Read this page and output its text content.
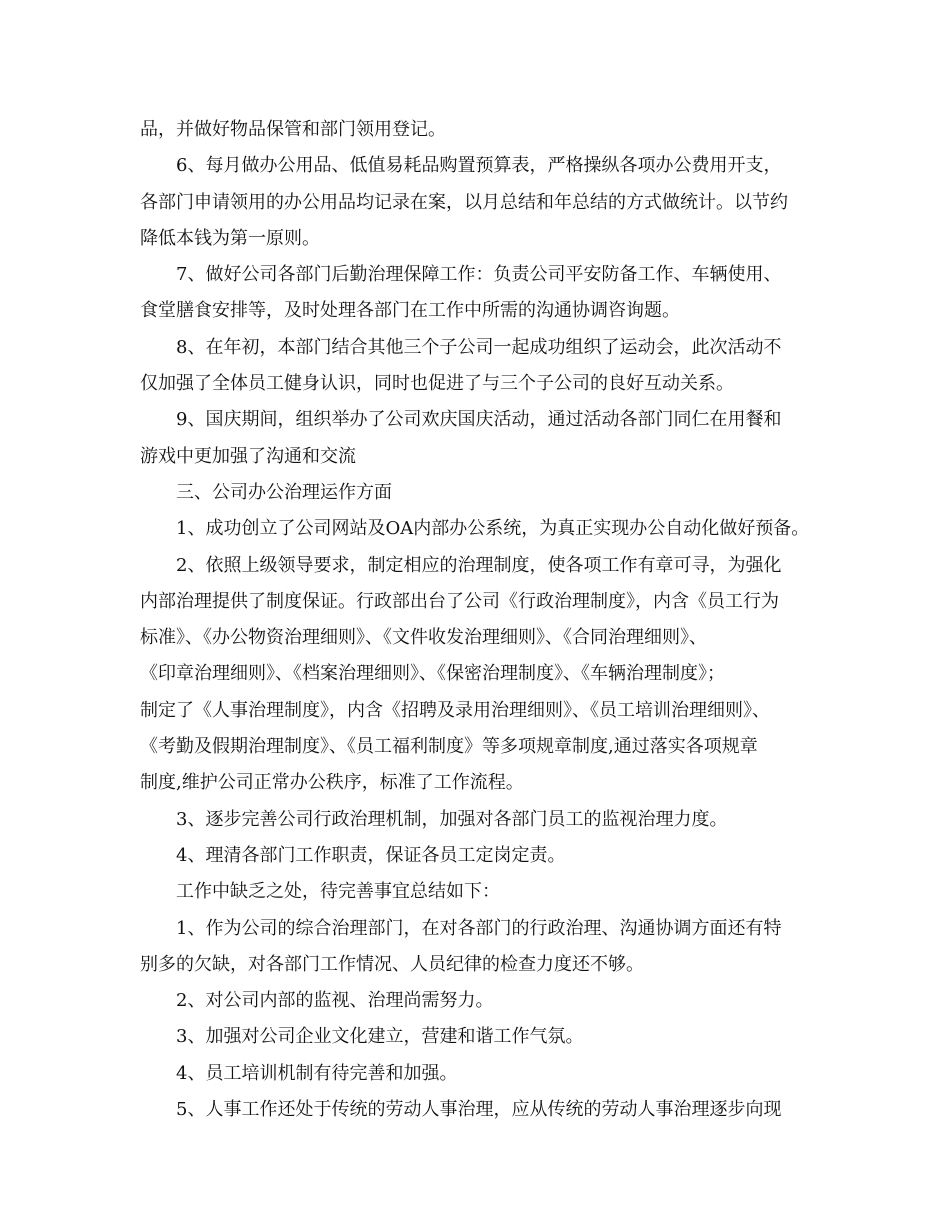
品，并做好物品保管和部门领用登记。
6、每月做办公用品、低值易耗品购置预算表，严格操纵各项办公费用开支，
各部门申请领用的办公用品均记录在案，以月总结和年总结的方式做统计。以节约
降低本钱为第一原则。
7、做好公司各部门后勤治理保障工作：负责公司平安防备工作、车辆使用、
食堂膳食安排等，及时处理各部门在工作中所需的沟通协调咨询题。
8、在年初，本部门结合其他三个子公司一起成功组织了运动会，此次活动不
仅加强了全体员工健身认识，同时也促进了与三个子公司的良好互动关系。
9、国庆期间，组织举办了公司欢庆国庆活动，通过活动各部门同仁在用餐和
游戏中更加强了沟通和交流
三、公司办公治理运作方面
1、成功创立了公司网站及OA内部办公系统，为真正实现办公自动化做好预备。
2、依照上级领导要求，制定相应的治理制度，使各项工作有章可寻，为强化
内部治理提供了制度保证。行政部出台了公司《行政治理制度》，内含《员工行为
标准》、《办公物资治理细则》、《文件收发治理细则》、《合同治理细则》、
《印章治理细则》、《档案治理细则》、《保密治理制度》、《车辆治理制度》；
制定了《人事治理制度》，内含《招聘及录用治理细则》、《员工培训治理细则》、
《考勤及假期治理制度》、《员工福利制度》等多项规章制度,通过落实各项规章
制度,维护公司正常办公秩序，标准了工作流程。
3、逐步完善公司行政治理机制，加强对各部门员工的监视治理力度。
4、理清各部门工作职责，保证各员工定岗定责。
工作中缺乏之处，待完善事宜总结如下：
1、作为公司的综合治理部门，在对各部门的行政治理、沟通协调方面还有特
别多的欠缺，对各部门工作情况、人员纪律的检查力度还不够。
2、对公司内部的监视、治理尚需努力。
3、加强对公司企业文化建立，营建和谐工作气氛。
4、员工培训机制有待完善和加强。
5、人事工作还处于传统的劳动人事治理，应从传统的劳动人事治理逐步向现
